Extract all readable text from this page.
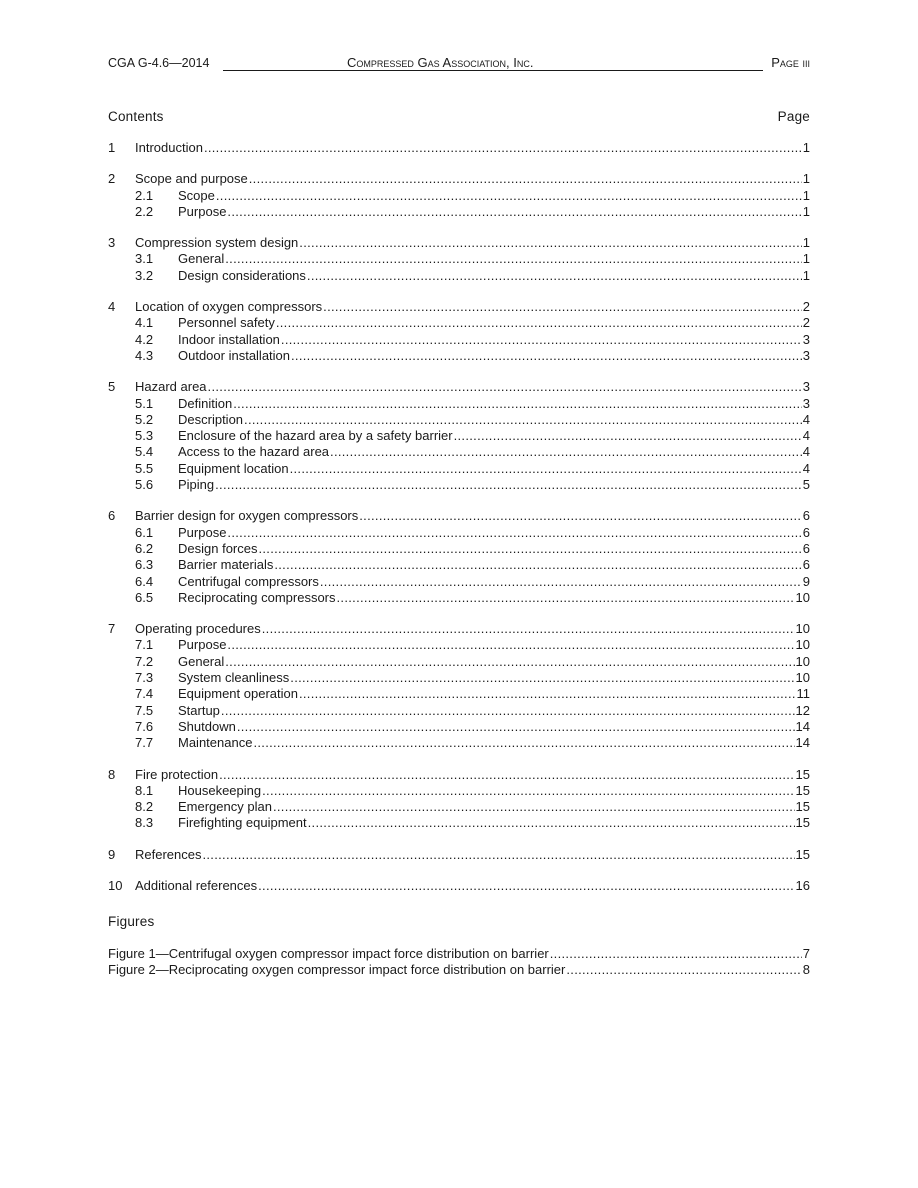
CGA G-4.6—2014	Compressed Gas Association, Inc.	Page iii
Contents	Page
1 Introduction .....	1
2 Scope and purpose .....	1
2.1 Scope .....	1
2.2 Purpose .....	1
3 Compression system design .....	1
3.1 General .....	1
3.2 Design considerations .....	1
4 Location of oxygen compressors .....	2
4.1 Personnel safety .....	2
4.2 Indoor installation .....	3
4.3 Outdoor installation .....	3
5 Hazard area .....	3
5.1 Definition .....	3
5.2 Description .....	4
5.3 Enclosure of the hazard area by a safety barrier .....	4
5.4 Access to the hazard area .....	4
5.5 Equipment location .....	4
5.6 Piping .....	5
6 Barrier design for oxygen compressors .....	6
6.1 Purpose .....	6
6.2 Design forces .....	6
6.3 Barrier materials .....	6
6.4 Centrifugal compressors .....	9
6.5 Reciprocating compressors .....	10
7 Operating procedures .....	10
7.1 Purpose .....	10
7.2 General .....	10
7.3 System cleanliness .....	10
7.4 Equipment operation .....	11
7.5 Startup .....	12
7.6 Shutdown .....	14
7.7 Maintenance .....	14
8 Fire protection .....	15
8.1 Housekeeping .....	15
8.2 Emergency plan .....	15
8.3 Firefighting equipment .....	15
9 References .....	15
10 Additional references .....	16
Figures
Figure 1—Centrifugal oxygen compressor impact force distribution on barrier .....	7
Figure 2—Reciprocating oxygen compressor impact force distribution on barrier .....	8
